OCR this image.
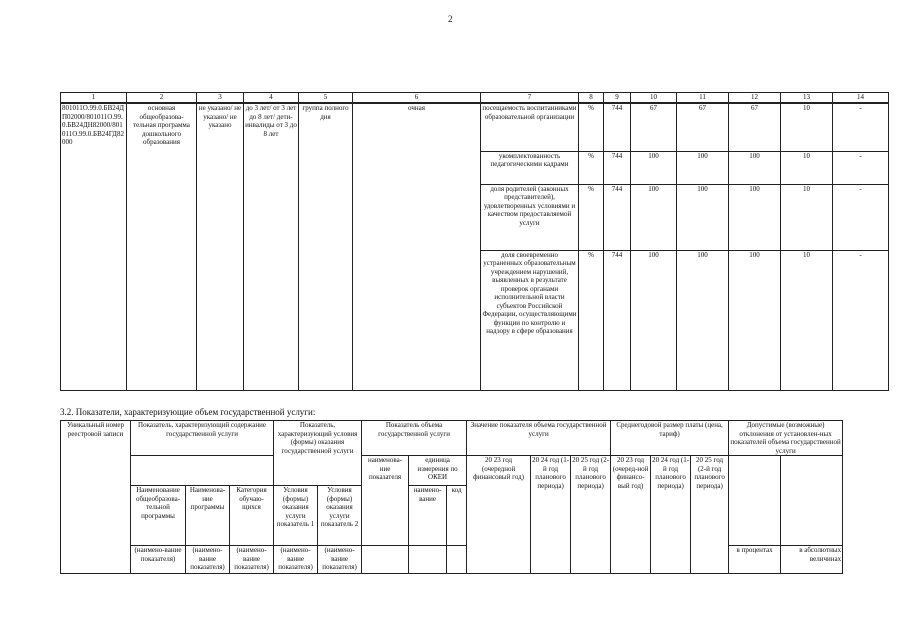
2
1	2	3	4	5	6	7	8	9	10	11	12	13	14
801011О.99.0.БВ24ДП02000/801011О.99.0.БВ24ДН82000/801011О.99.0.БВ24ГД82000	основная общеобразова-тельная программа дошкольного образования	не указано/ не указано/ не указано	до 3 лет/ от 3 лет до 8 лет/ дети-инвалиды от 3 до 8 лет	группа полного дня	очная	посещаемость воспитанниками образовательной организации	%	744	67	67	67	10	-
						укомплектованность педагогическими кадрами	%	744	100	100	100	10	-
						доля родителей (законных представителей), удовлетворенных условиями и качеством предоставляемой услуги	%	744	100	100	100	10	-
						доля своевременно устраненных образовательным учреждением нарушений, выявленных в результате проверок органами исполнительной власти субъектов Российской Федерации, осуществляющими функции по контролю и надзору в сфере образования	%	744	100	100	100	10	-
3.2. Показатели, характеризующие объем государственной услуги:
Уникальный номер реестровой записи	Показатель, характеризующий содержание государственной услуги			Показатель, характеризующий условия (формы) оказания государственной услуги		Показатель объема государственной услуги			Значение показателя объема государственной услуги			Среднегодовой размер платы (цена, тариф)			Допустимые (возможные) отклонения от установлен-ных показателей объема государственной услуги	
						наименова-ние показателя	единица измерения по ОКЕИ		20 23 год (очередной финансовый год)	20 24 год (1-й год планового периода)	20 25 год (2-й год планового периода)	20 23 год (очеред-ной финансо-вый год)	20 24 год (1-й год планового периода)	20 25 год (2-й год планового периода)		
	Наименование общеобразова-тельной программы	Наименова-ние программы	Категория обучаю-щихся	Условия (формы) оказания услуги показатель 1	Условия (формы) оказания услуги показатель 2		наимено-вание	код								
	(наимено-вание показателя)	(наимено-вание показателя)	(наимено-вание показателя)	(наимено-вание показателя)	(наимено-вание показателя)										в процентах	в абсолютных величинах
